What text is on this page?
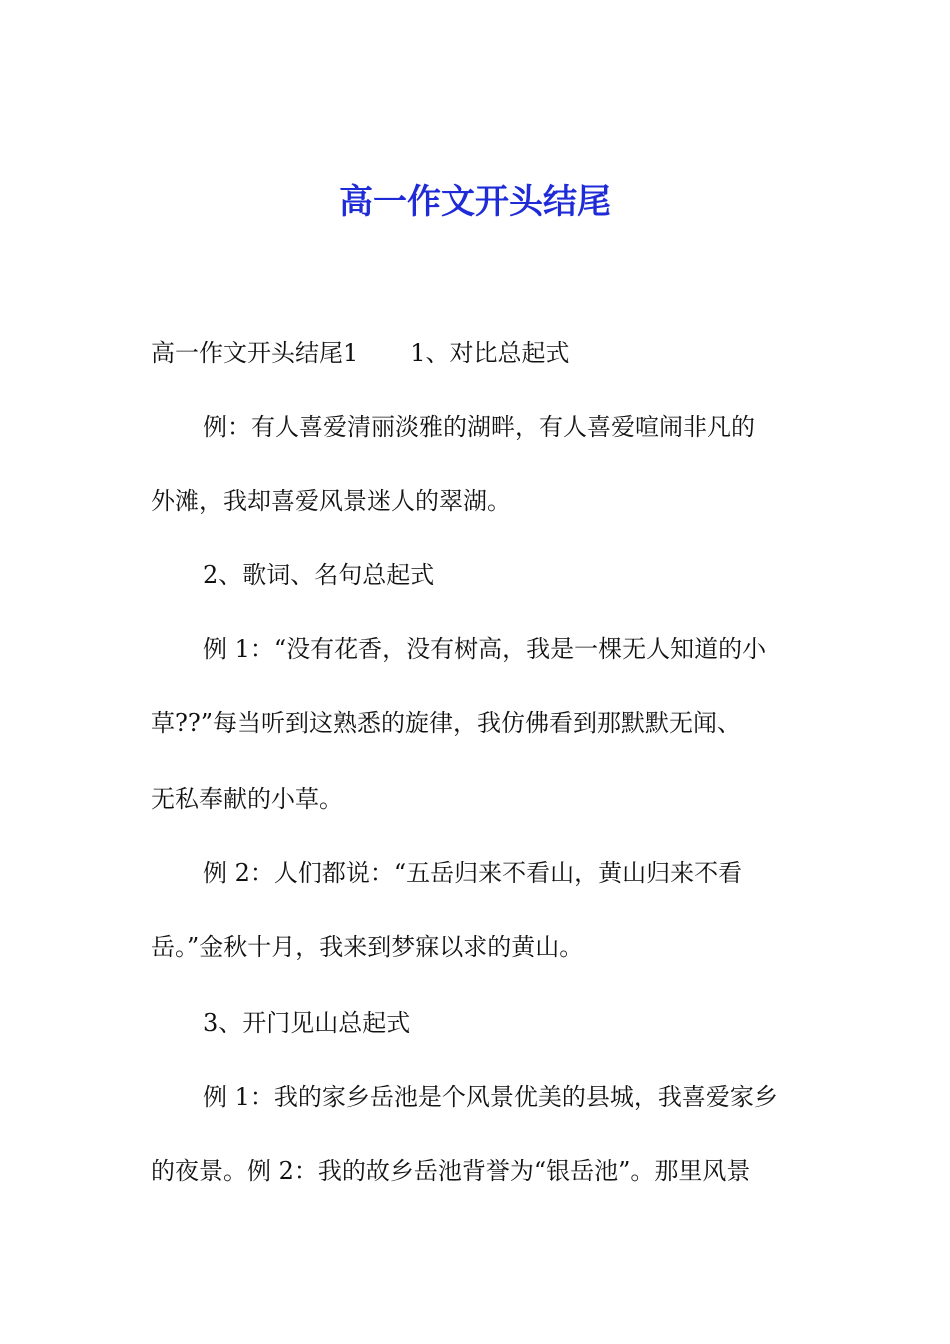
高一作文开头结尾

高一作文开头结尾1 1、对比总起式

例：有人喜爱清丽淡雅的湖畔，有人喜爱喧闹非凡的

外滩，我却喜爱风景迷人的翠湖。

2、歌词、名句总起式

例 1：“没有花香，没有树高，我是一棵无人知道的小

草??”每当听到这熟悉的旋律，我仿佛看到那默默无闻、

无私奉献的小草。

例 2：人们都说：“五岳归来不看山，黄山归来不看

岳。”金秋十月，我来到梦寐以求的黄山。

3、开门见山总起式

例 1：我的家乡岳池是个风景优美的县城，我喜爱家乡

的夜景。例 2：我的故乡岳池背誉为“银岳池”。那里风景
